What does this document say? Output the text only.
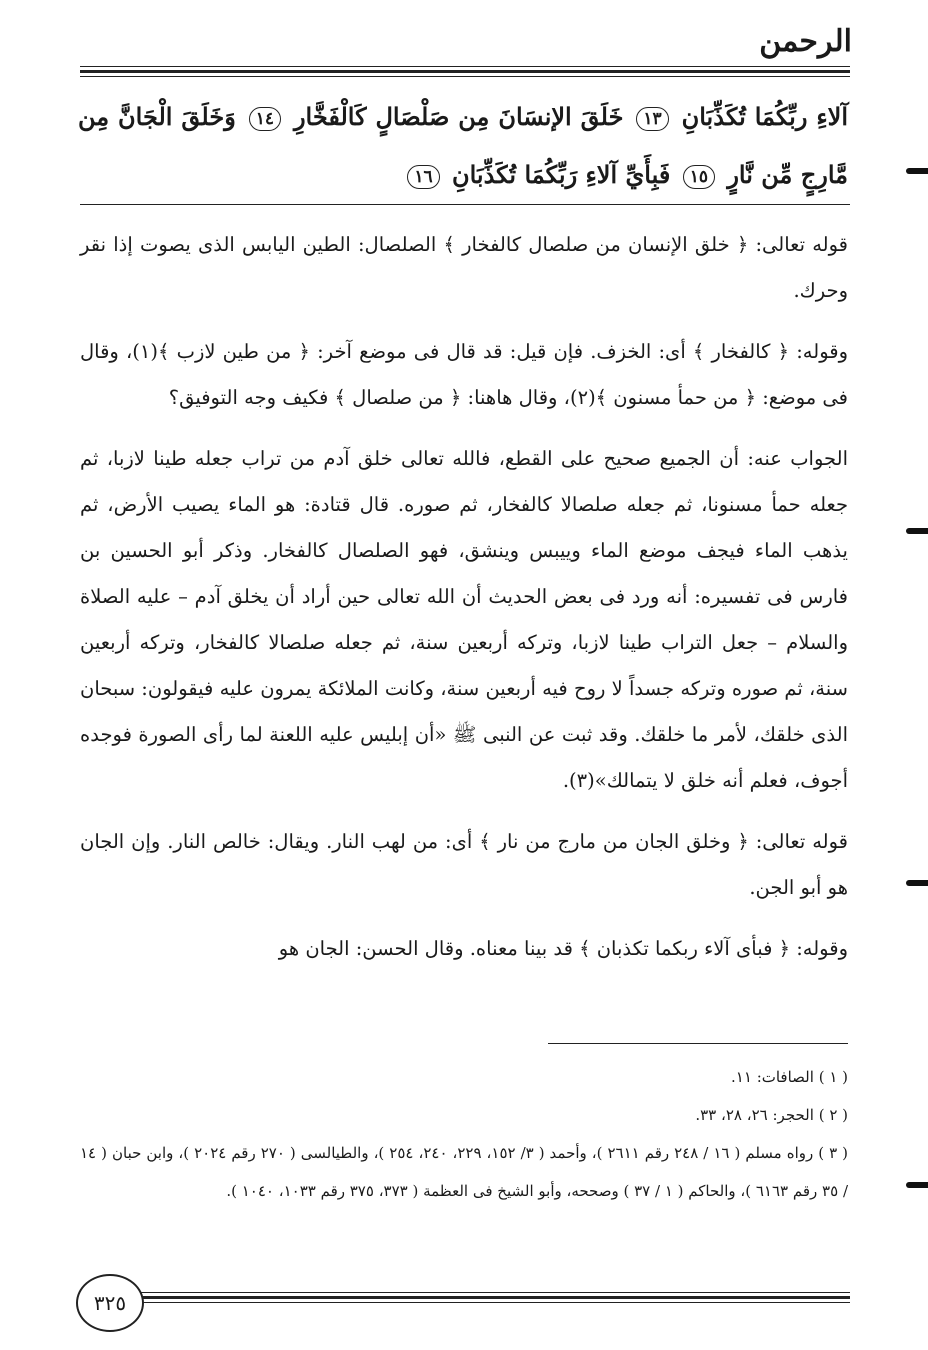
الرحمن
آلاءِ ربِّكُمَا تُكَذِّبَانِ ١٣ خَلَقَ الإنسَانَ مِن صَلْصَالٍ كَالْفَخَّارِ ١٤ وَخَلَقَ الْجَانَّ مِن مَّارِجٍ مِّن نَّارٍ ١٥ فَبِأَيِّ آلاءِ رَبِّكُمَا تُكَذِّبَانِ ١٦

قوله تعالى: ﴿ خلق الإنسان من صلصال كالفخار ﴾ الصلصال: الطين اليابس الذى يصوت إذا نقر وحرك.

وقوله: ﴿ كالفخار ﴾ أى: الخزف. فإن قيل: قد قال فى موضع آخر: ﴿ من طين لازب ﴾(١)، وقال فى موضع: ﴿ من حمأ مسنون ﴾(٢)، وقال هاهنا: ﴿ من صلصال ﴾ فكيف وجه التوفيق؟

الجواب عنه: أن الجميع صحيح على القطع، فالله تعالى خلق آدم من تراب جعله طينا لازبا، ثم جعله حمأ مسنونا، ثم جعله صلصالا كالفخار، ثم صوره. قال قتادة: هو الماء يصيب الأرض، ثم يذهب الماء فيجف موضع الماء وييبس وينشق، فهو الصلصال كالفخار. وذكر أبو الحسين بن فارس فى تفسيره: أنه ورد فى بعض الحديث أن الله تعالى حين أراد أن يخلق آدم – عليه الصلاة والسلام – جعل التراب طينا لازبا، وتركه أربعين سنة، ثم جعله صلصالا كالفخار، وتركه أربعين سنة، ثم صوره وتركه جسداً لا روح فيه أربعين سنة، وكانت الملائكة يمرون عليه فيقولون: سبحان الذى خلقك، لأمر ما خلقك. وقد ثبت عن النبى ﷺ «أن إبليس عليه اللعنة لما رأى الصورة فوجده أجوف، فعلم أنه خلق لا يتمالك»(٣).

قوله تعالى: ﴿ وخلق الجان من مارج من نار ﴾ أى: من لهب النار. ويقال: خالص النار. وإن الجان هو أبو الجن.

وقوله: ﴿ فبأى آلاء ربكما تكذبان ﴾ قد بينا معناه. وقال الحسن: الجان هو

( ١ ) الصافات: ١١.

( ٢ ) الحجر: ٢٦، ٢٨، ٣٣.

( ٣ ) رواه مسلم ( ١٦ / ٢٤٨ رقم ٢٦١١ )، وأحمد ( ٣/ ١٥٢، ٢٢٩، ٢٤٠، ٢٥٤ )، والطيالسى ( ٢٧٠ رقم ٢٠٢٤ )، وابن حبان ( ١٤ / ٣٥ رقم ٦١٦٣ )، والحاكم ( ١ / ٣٧ ) وصححه، وأبو الشيخ فى العظمة ( ٣٧٣، ٣٧٥ رقم ١٠٣٣، ١٠٤٠ ).

٣٢٥
